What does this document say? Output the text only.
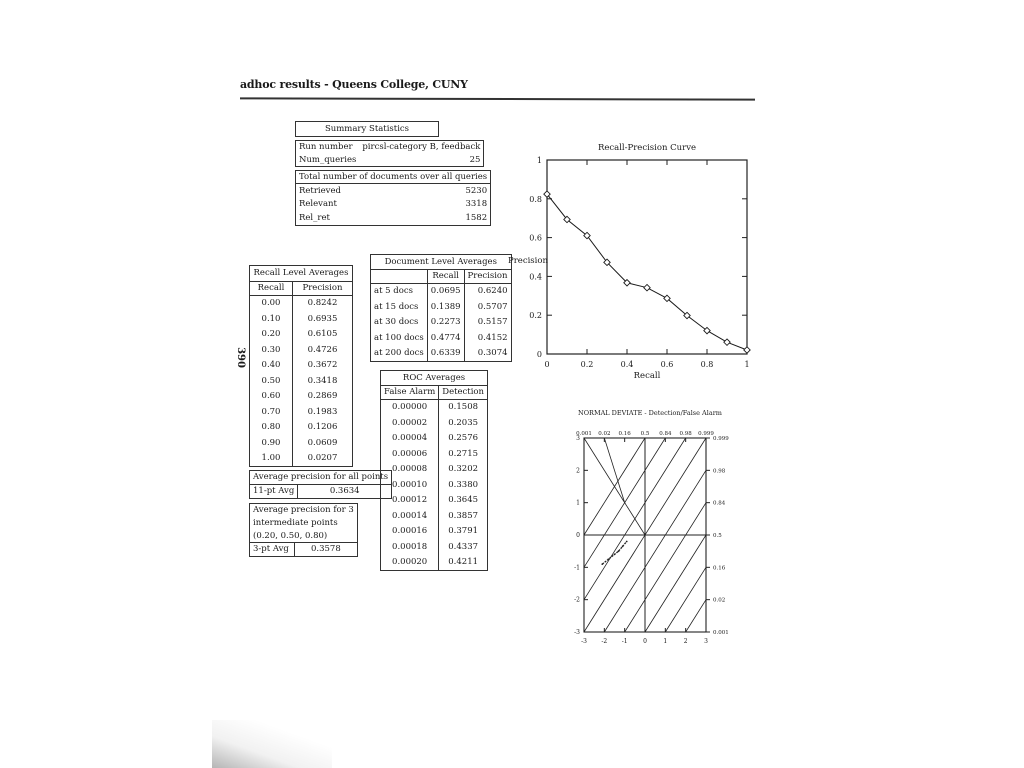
adhoc results - Queens College, CUNY
390
Summary Statistics
Run number	pircsl-category B, feedback
Num_queries	25
Total number of documents over all queries	
Retrieved	5230
Relevant	3318
Rel_ret	1582
Recall Level Averages	
Recall	Precision
0.00	0.8242
0.10	0.6935
0.20	0.6105
0.30	0.4726
0.40	0.3672
0.50	0.3418
0.60	0.2869
0.70	0.1983
0.80	0.1206
0.90	0.0609
1.00	0.0207
Average precision for all points
11-pt Avg	0.3634
Average precision for 3
intermediate points
(0.20, 0.50, 0.80)
3-pt Avg	0.3578
Document Level Averages		
	Recall	Precision
at 5 docs	0.0695	0.6240
at 15 docs	0.1389	0.5707
at 30 docs	0.2273	0.5157
at 100 docs	0.4774	0.4152
at 200 docs	0.6339	0.3074
ROC Averages	
False Alarm	Detection
0.00000	0.1508
0.00002	0.2035
0.00004	0.2576
0.00006	0.2715
0.00008	0.3202
0.00010	0.3380
0.00012	0.3645
0.00014	0.3857
0.00016	0.3791
0.00018	0.4337
0.00020	0.4211
Recall-Precision Curve
0	0.2	0.4	0.6	0.8	1
0
0.2
0.4
0.6
0.8
1
Recall
Precision
NORMAL DEVIATE - Detection/False Alarm
-3 -2 -1	0	1	2	3
-3
-2
-1
0
1
2
3
0.001 0.02 0.16 0.5 0.84 0.98 0.999
0.001
0.02
0.16
0.5
0.84
0.98
0.999
